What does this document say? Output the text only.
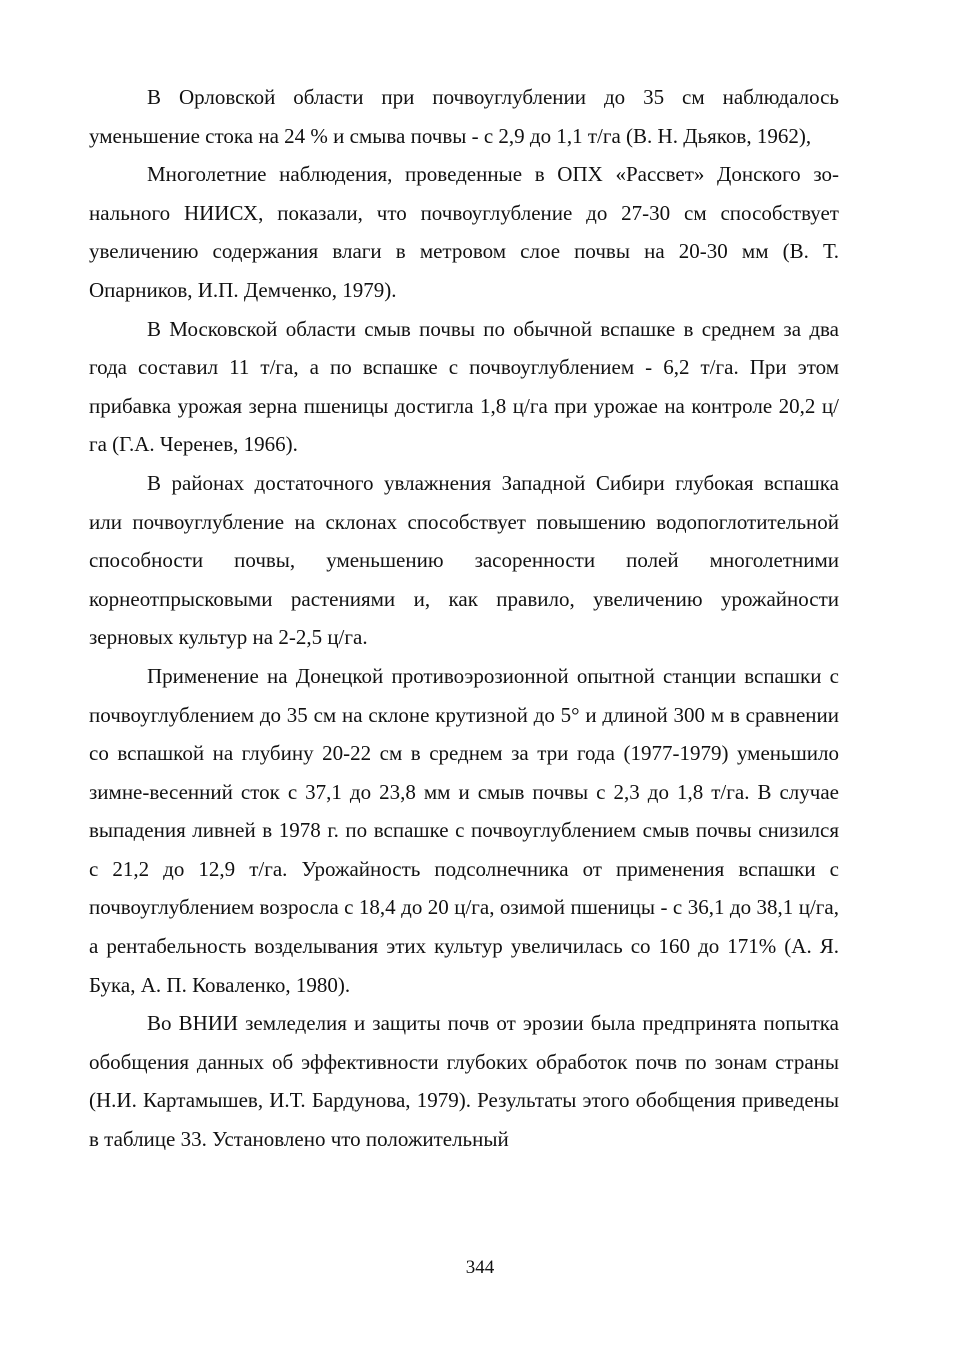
В Орловской области при почвоуглублении до 35 см наблюдалось уменьшение стока на 24 % и смыва почвы - с 2,9 до 1,1 т/га (В. Н. Дьяков, 1962),

Многолетние наблюдения, проведенные в ОПХ «Рассвет» Донского зонального НИИСХ, показали, что почвоуглубление до 27-30 см способствует увеличению содержания влаги в метровом слое почвы на 20-30 мм (В. Т. Опарников, И.П. Демченко, 1979).

В Московской области смыв почвы по обычной вспашке в среднем за два года составил 11 т/га, а по вспашке с почвоуглублением - 6,2 т/га. При этом прибавка урожая зерна пшеницы достигла 1,8 ц/га при урожае на контроле 20,2 ц/га (Г.А. Черенев, 1966).

В районах достаточного увлажнения Западной Сибири глубокая вспашка или почвоуглубление на склонах способствует повышению водопоглотительной способности почвы, уменьшению засоренности полей многолетними корнеотпрысковыми растениями и, как правило, увеличению урожайности зерновых культур на 2-2,5 ц/га.

Применение на Донецкой противоэрозионной опытной станции вспашки с почвоуглублением до 35 см на склоне крутизной до 5° и длиной 300 м в сравнении со вспашкой на глубину 20-22 см в среднем за три года (1977-1979) уменьшило зимне-весенний сток с 37,1 до 23,8 мм и смыв почвы с 2,3 до 1,8 т/га. В случае выпадения ливней в 1978 г. по вспашке с почвоуглублением смыв почвы снизился с 21,2 до 12,9 т/га. Урожайность подсолнечника от применения вспашки с почвоуглублением возросла с 18,4 до 20 ц/га, озимой пшеницы - с 36,1 до 38,1 ц/га, а рентабельность возделывания этих культур увеличилась со 160 до 171% (А. Я. Бука, А. П. Коваленко, 1980).

Во ВНИИ земледелия и защиты почв от эрозии была предпринята попытка обобщения данных об эффективности глубоких обработок почв по зонам страны (Н.И. Картамышев, И.Т. Бардунова, 1979). Результаты этого обобщения приведены в таблице 33. Установлено что положительный

344
